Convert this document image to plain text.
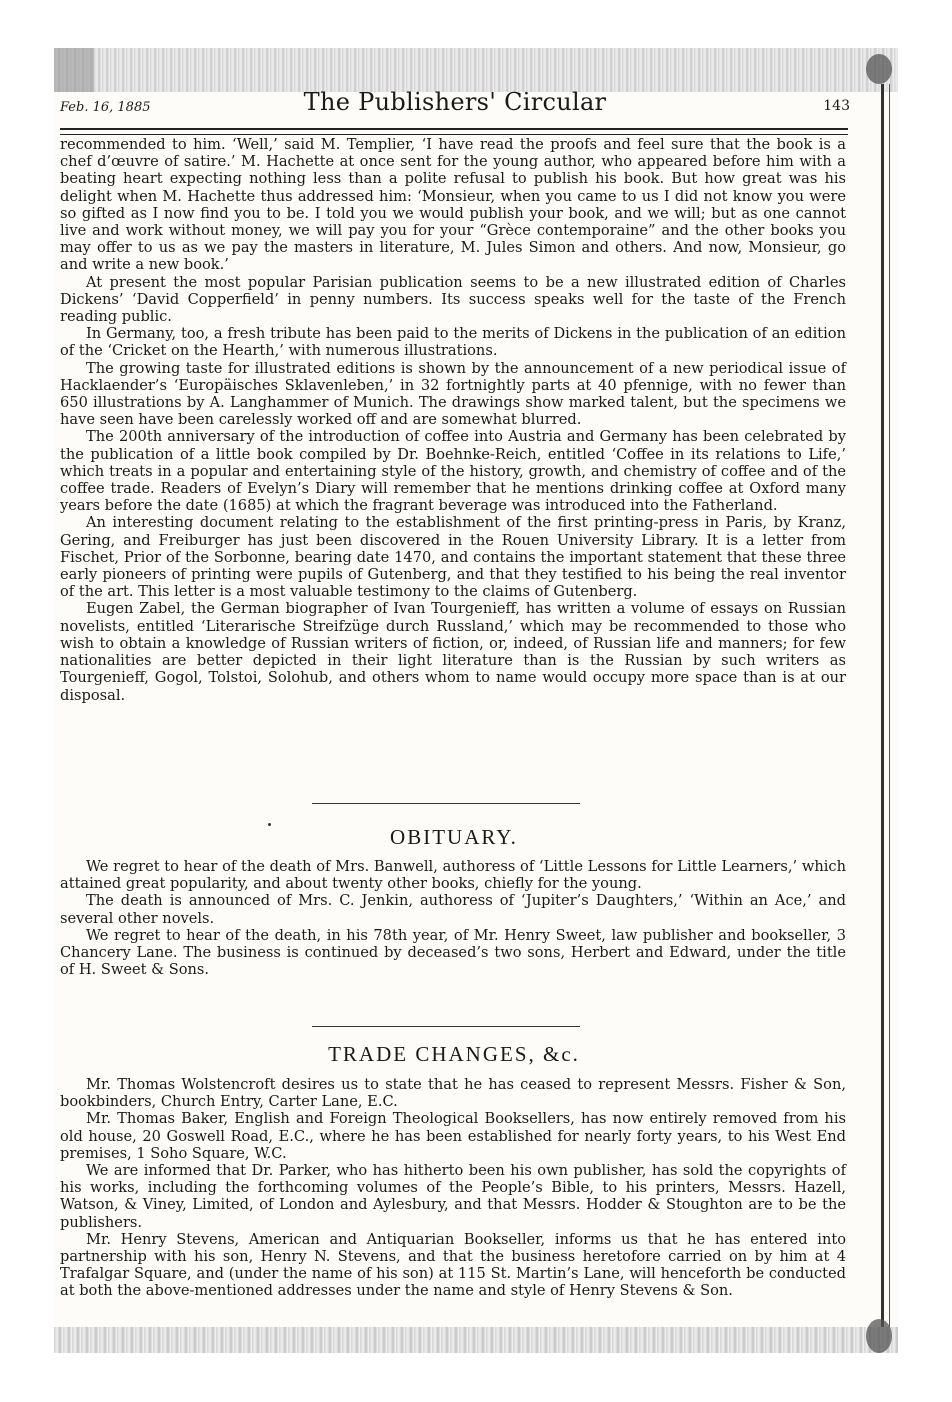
Feb. 16, 1885	The Publishers' Circular	143

recommended to him. ‘Well,’ said M. Templier, ‘I have read the proofs and feel sure that the book is a chef d’œuvre of satire.’ M. Hachette at once sent for the young author, who appeared before him with a beating heart expecting nothing less than a polite refusal to publish his book. But how great was his delight when M. Hachette thus addressed him: ‘Monsieur, when you came to us I did not know you were so gifted as I now find you to be. I told you we would publish your book, and we will; but as one cannot live and work without money, we will pay you for your “Grèce contemporaine” and the other books you may offer to us as we pay the masters in literature, M. Jules Simon and others. And now, Monsieur, go and write a new book.’

At present the most popular Parisian publication seems to be a new illustrated edition of Charles Dickens’ ‘David Copperfield’ in penny numbers. Its success speaks well for the taste of the French reading public.

In Germany, too, a fresh tribute has been paid to the merits of Dickens in the publication of an edition of the ‘Cricket on the Hearth,’ with numerous illustrations.

The growing taste for illustrated editions is shown by the announcement of a new periodical issue of Hacklaender’s ‘Europäisches Sklavenleben,’ in 32 fortnightly parts at 40 pfennige, with no fewer than 650 illustrations by A. Langhammer of Munich. The drawings show marked talent, but the specimens we have seen have been carelessly worked off and are somewhat blurred.

The 200th anniversary of the introduction of coffee into Austria and Germany has been celebrated by the publication of a little book compiled by Dr. Boehnke-Reich, entitled ‘Coffee in its relations to Life,’ which treats in a popular and entertaining style of the history, growth, and chemistry of coffee and of the coffee trade. Readers of Evelyn’s Diary will remember that he mentions drinking coffee at Oxford many years before the date (1685) at which the fragrant beverage was introduced into the Fatherland.

An interesting document relating to the establishment of the first printing-press in Paris, by Kranz, Gering, and Freiburger has just been discovered in the Rouen University Library. It is a letter from Fischet, Prior of the Sorbonne, bearing date 1470, and contains the important statement that these three early pioneers of printing were pupils of Gutenberg, and that they testified to his being the real inventor of the art. This letter is a most valuable testimony to the claims of Gutenberg.

Eugen Zabel, the German biographer of Ivan Tourgenieff, has written a volume of essays on Russian novelists, entitled ‘Literarische Streifzüge durch Russland,’ which may be recommended to those who wish to obtain a knowledge of Russian writers of fiction, or, indeed, of Russian life and manners; for few nationalities are better depicted in their light literature than is the Russian by such writers as Tourgenieff, Gogol, Tolstoi, Solohub, and others whom to name would occupy more space than is at our disposal.

OBITUARY.

We regret to hear of the death of Mrs. Banwell, authoress of ‘Little Lessons for Little Learners,’ which attained great popularity, and about twenty other books, chiefly for the young.

The death is announced of Mrs. C. Jenkin, authoress of ‘Jupiter’s Daughters,’ ‘Within an Ace,’ and several other novels.

We regret to hear of the death, in his 78th year, of Mr. Henry Sweet, law publisher and bookseller, 3 Chancery Lane. The business is continued by deceased’s two sons, Herbert and Edward, under the title of H. Sweet & Sons.

TRADE CHANGES, &c.

Mr. Thomas Wolstencroft desires us to state that he has ceased to represent Messrs. Fisher & Son, bookbinders, Church Entry, Carter Lane, E.C.

Mr. Thomas Baker, English and Foreign Theological Booksellers, has now entirely removed from his old house, 20 Goswell Road, E.C., where he has been established for nearly forty years, to his West End premises, 1 Soho Square, W.C.

We are informed that Dr. Parker, who has hitherto been his own publisher, has sold the copyrights of his works, including the forthcoming volumes of the People’s Bible, to his printers, Messrs. Hazell, Watson, & Viney, Limited, of London and Aylesbury, and that Messrs. Hodder & Stoughton are to be the publishers.

Mr. Henry Stevens, American and Antiquarian Bookseller, informs us that he has entered into partnership with his son, Henry N. Stevens, and that the business heretofore carried on by him at 4 Trafalgar Square, and (under the name of his son) at 115 St. Martin’s Lane, will henceforth be conducted at both the above-mentioned addresses under the name and style of Henry Stevens & Son.
